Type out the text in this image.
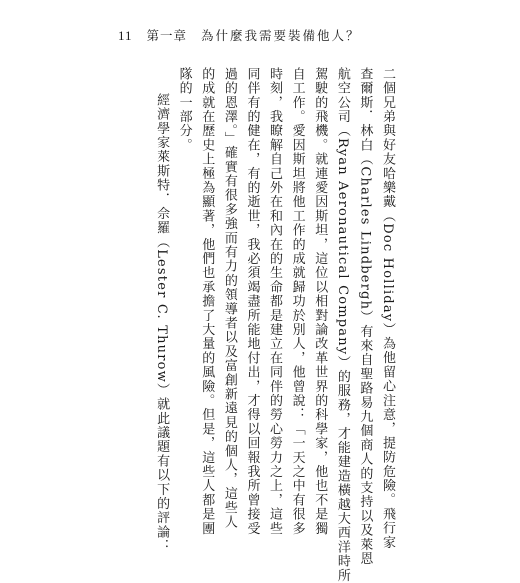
11 第一章 為什麼我需要裝備他人？
二個兄弟與好友哈樂戴（Doc Holliday）為他留心注意，提防危險。飛行家
查爾斯．林白（Charles Lindbergh）有來自聖路易九個商人的支持以及萊恩
航空公司（Ryan Aeronautical Company）的服務，才能建造橫越大西洋時所
駕駛的飛機。就連愛因斯坦，這位以相對論改革世界的科學家，他也不是獨
自工作。愛因斯坦將他工作的成就歸功於別人，他曾說：「一天之中有很多
時刻，我瞭解自己外在和內在的生命都是建立在同伴的勞心勞力之上，這些
同伴有的健在，有的逝世，我必須竭盡所能地付出，才得以回報我所曾接受
過的恩澤。」確實有很多強而有力的領導者以及富創新遠見的個人，這些人
的成就在歷史上極為顯著，他們也承擔了大量的風險。但是，這些人都是團
隊的一部分。
經濟學家萊斯特．佘羅（Lester C. Thurow）就此議題有以下的評論：
